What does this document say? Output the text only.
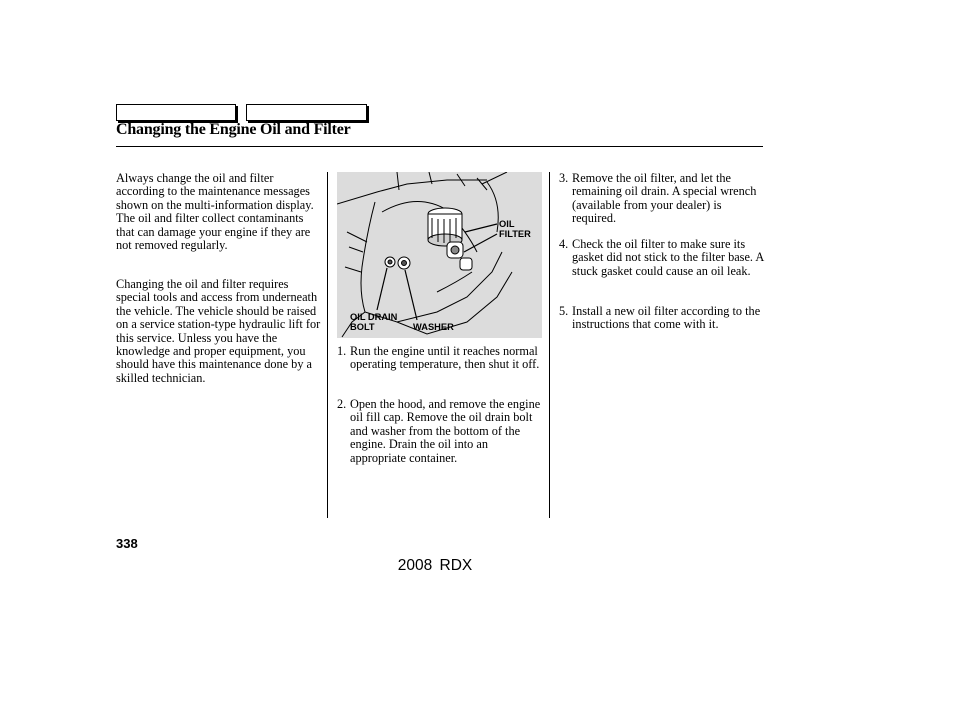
Changing the Engine Oil and Filter

Always change the oil and filter according to the maintenance messages shown on the multi-information display. The oil and filter collect contaminants that can damage your engine if they are not removed regularly.

Changing the oil and filter requires special tools and access from underneath the vehicle. The vehicle should be raised on a service station-type hydraulic lift for this service. Unless you have the knowledge and proper equipment, you should have this maintenance done by a skilled technician.

OIL
FILTER
OIL DRAIN
BOLT	WASHER
1. Run the engine until it reaches normal operating temperature, then shut it off.
2. Open the hood, and remove the engine oil fill cap. Remove the oil drain bolt and washer from the bottom of the engine. Drain the oil into an appropriate container.
3. Remove the oil filter, and let the remaining oil drain. A special wrench (available from your dealer) is required.
4. Check the oil filter to make sure its gasket did not stick to the filter base. A stuck gasket could cause an oil leak.
5. Install a new oil filter according to the instructions that come with it.
338
2008 RDX
